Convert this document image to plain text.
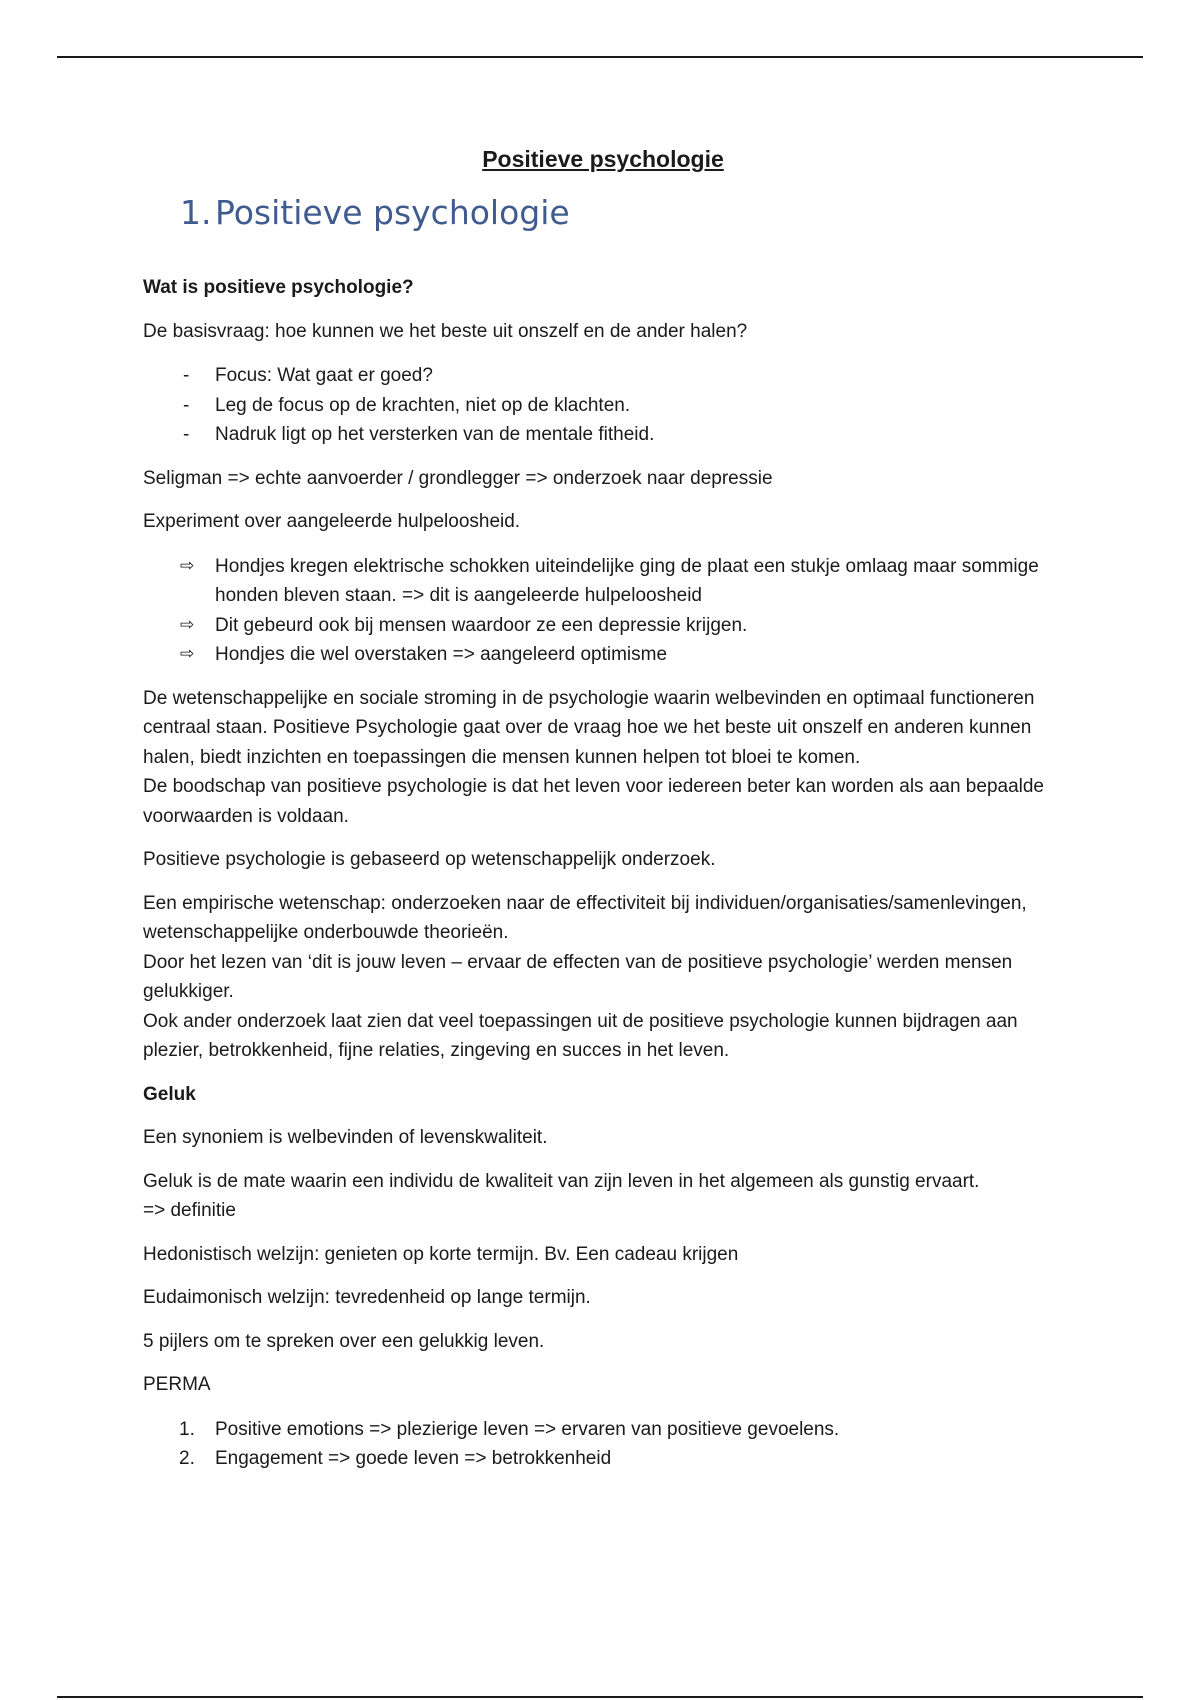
Positieve psychologie
1. Positieve psychologie
Wat is positieve psychologie?

De basisvraag: hoe kunnen we het beste uit onszelf en de ander halen?

-	Focus: Wat gaat er goed?
-	Leg de focus op de krachten, niet op de klachten.
-	Nadruk ligt op het versterken van de mentale fitheid.

Seligman => echte aanvoerder / grondlegger => onderzoek naar depressie

Experiment over aangeleerde hulpeloosheid.

⇨	Hondjes kregen elektrische schokken uiteindelijke ging de plaat een stukje omlaag maar sommige honden bleven staan. => dit is aangeleerde hulpeloosheid
⇨	Dit gebeurd ook bij mensen waardoor ze een depressie krijgen.
⇨	Hondjes die wel overstaken => aangeleerd optimisme
De wetenschappelijke en sociale stroming in de psychologie waarin welbevinden en optimaal functioneren centraal staan. Positieve Psychologie gaat over de vraag hoe we het beste uit onszelf en anderen kunnen halen, biedt inzichten en toepassingen die mensen kunnen helpen tot bloei te komen.
De boodschap van positieve psychologie is dat het leven voor iedereen beter kan worden als aan bepaalde voorwaarden is voldaan.

Positieve psychologie is gebaseerd op wetenschappelijk onderzoek.

Een empirische wetenschap: onderzoeken naar de effectiviteit bij individuen/organisaties/samenlevingen, wetenschappelijke onderbouwde theorieën.
Door het lezen van ‘dit is jouw leven – ervaar de effecten van de positieve psychologie’ werden mensen gelukkiger.
Ook ander onderzoek laat zien dat veel toepassingen uit de positieve psychologie kunnen bijdragen aan plezier, betrokkenheid, fijne relaties, zingeving en succes in het leven.
Geluk

Een synoniem is welbevinden of levenskwaliteit.

Geluk is de mate waarin een individu de kwaliteit van zijn leven in het algemeen als gunstig ervaart.
=> definitie

Hedonistisch welzijn: genieten op korte termijn. Bv. Een cadeau krijgen

Eudaimonisch welzijn: tevredenheid op lange termijn.

5 pijlers om te spreken over een gelukkig leven.

PERMA

1.	Positive emotions => plezierige leven => ervaren van positieve gevoelens.
2.	Engagement => goede leven => betrokkenheid
